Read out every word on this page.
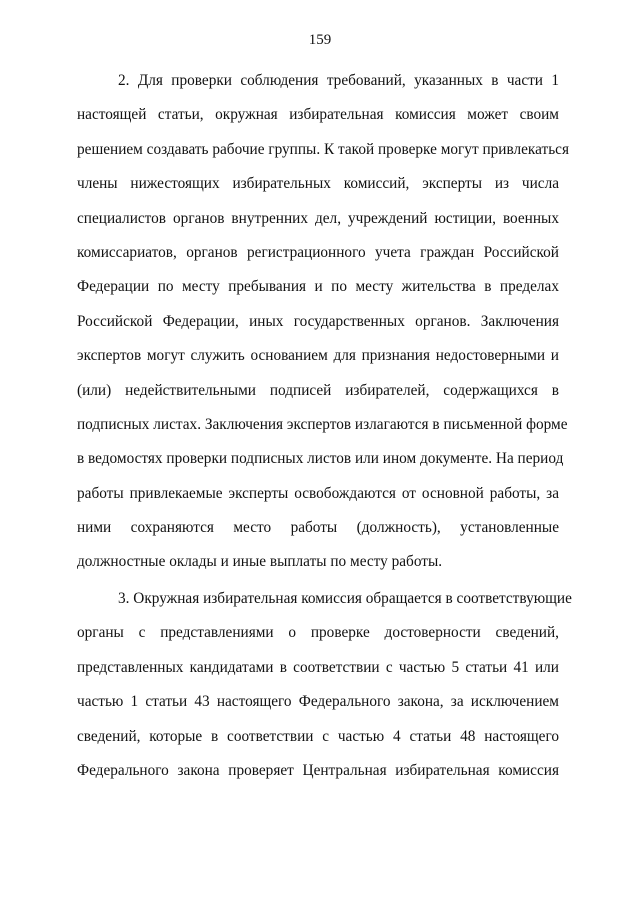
159
2. Для проверки соблюдения требований, указанных в части 1
настоящей статьи, окружная избирательная комиссия может своим
решением создавать рабочие группы. К такой проверке могут привлекаться
члены нижестоящих избирательных комиссий, эксперты из числа
специалистов органов внутренних дел, учреждений юстиции, военных
комиссариатов, органов регистрационного учета граждан Российской
Федерации по месту пребывания и по месту жительства в пределах
Российской Федерации, иных государственных органов. Заключения
экспертов могут служить основанием для признания недостоверными и
(или) недействительными подписей избирателей, содержащихся в
подписных листах. Заключения экспертов излагаются в письменной форме
в ведомостях проверки подписных листов или ином документе. На период
работы привлекаемые эксперты освобождаются от основной работы, за
ними сохраняются место работы (должность), установленные
должностные оклады и иные выплаты по месту работы.
3. Окружная избирательная комиссия обращается в соответствующие
органы с представлениями о проверке достоверности сведений,
представленных кандидатами в соответствии с частью 5 статьи 41 или
частью 1 статьи 43 настоящего Федерального закона, за исключением
сведений, которые в соответствии с частью 4 статьи 48 настоящего
Федерального закона проверяет Центральная избирательная комиссия
